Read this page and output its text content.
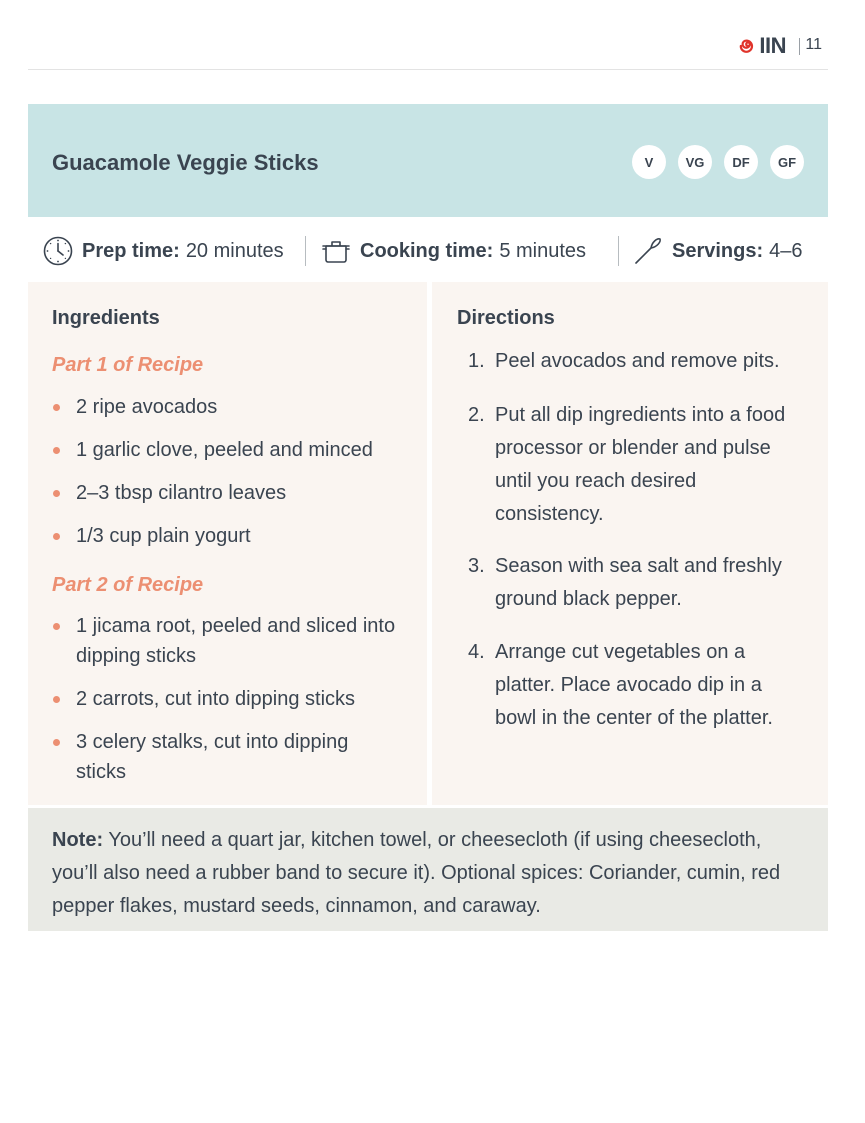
IIN 11
Guacamole Veggie Sticks	V	VG	DF	GF
Prep time: 20 minutes	Cooking time: 5 minutes	Servings: 4–6
Ingredients
Part 1 of Recipe
2 ripe avocados
1 garlic clove, peeled and minced
2–3 tbsp cilantro leaves
1/3 cup plain yogurt
Part 2 of Recipe
1 jicama root, peeled and sliced into dipping sticks
2 carrots, cut into dipping sticks
3 celery stalks, cut into dipping sticks
Directions
1. Peel avocados and remove pits.
2. Put all dip ingredients into a food processor or blender and pulse until you reach desired consistency.
3. Season with sea salt and freshly ground black pepper.
4. Arrange cut vegetables on a platter. Place avocado dip in a bowl in the center of the platter.
Note: You’ll need a quart jar, kitchen towel, or cheesecloth (if using cheesecloth, you’ll also need a rubber band to secure it). Optional spices: Coriander, cumin, red pepper flakes, mustard seeds, cinnamon, and caraway.
